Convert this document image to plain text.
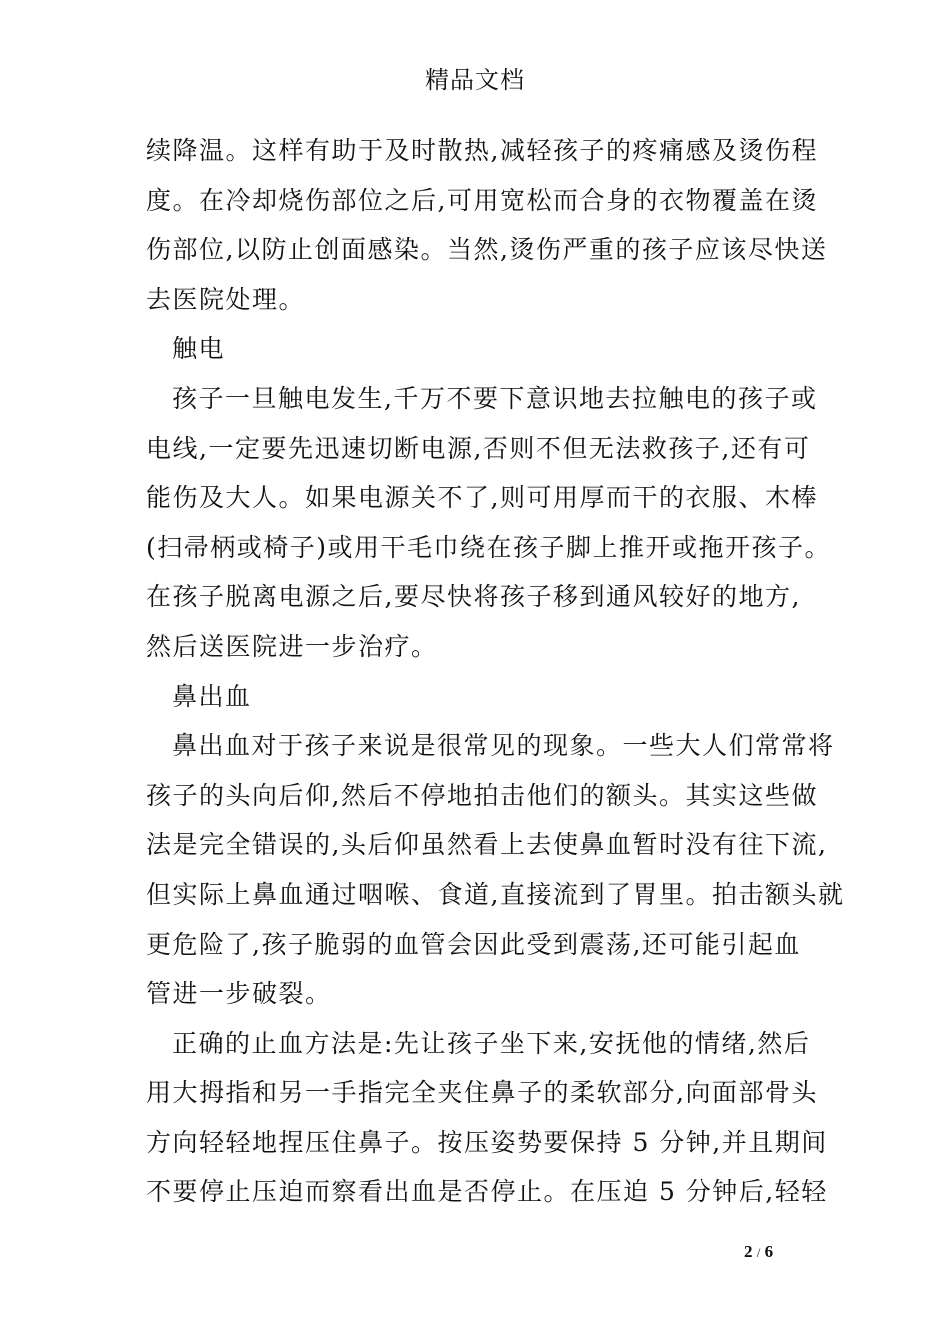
精品文档
续降温。这样有助于及时散热,减轻孩子的疼痛感及烫伤程
度。在冷却烧伤部位之后,可用宽松而合身的衣物覆盖在烫
伤部位,以防止创面感染。当然,烫伤严重的孩子应该尽快送
去医院处理。
触电
孩子一旦触电发生,千万不要下意识地去拉触电的孩子或
电线,一定要先迅速切断电源,否则不但无法救孩子,还有可
能伤及大人。如果电源关不了,则可用厚而干的衣服、木棒
(扫帚柄或椅子)或用干毛巾绕在孩子脚上推开或拖开孩子。
在孩子脱离电源之后,要尽快将孩子移到通风较好的地方,
然后送医院进一步治疗。
鼻出血
鼻出血对于孩子来说是很常见的现象。一些大人们常常将
孩子的头向后仰,然后不停地拍击他们的额头。其实这些做
法是完全错误的,头后仰虽然看上去使鼻血暂时没有往下流,
但实际上鼻血通过咽喉、食道,直接流到了胃里。拍击额头就
更危险了,孩子脆弱的血管会因此受到震荡,还可能引起血
管进一步破裂。
正确的止血方法是:先让孩子坐下来,安抚他的情绪,然后
用大拇指和另一手指完全夹住鼻子的柔软部分,向面部骨头
方向轻轻地捏压住鼻子。按压姿势要保持 5 分钟,并且期间
不要停止压迫而察看出血是否停止。在压迫 5 分钟后,轻轻
2 / 6
